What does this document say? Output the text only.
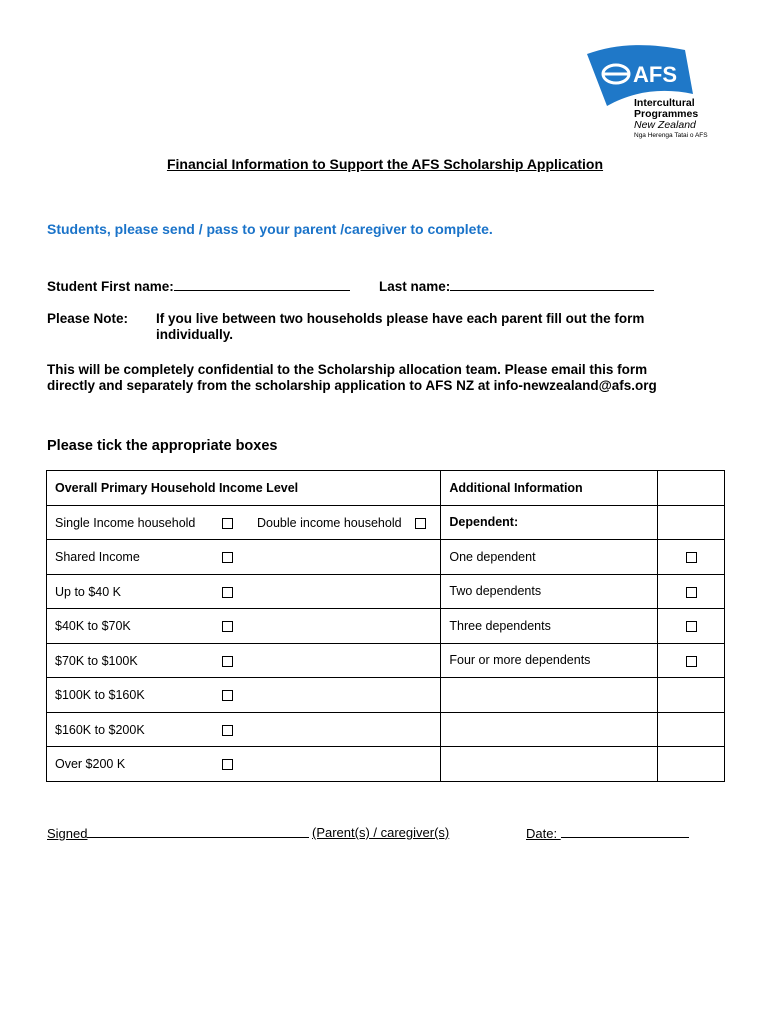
AFS
Intercultural
Programmes
New Zealand
Nga Herenga Tatai o AFS
Financial Information to Support the AFS Scholarship Application
Students, please send / pass to your parent /caregiver to complete.
Student First name:	Last name:
Please Note: If you live between two households please have each parent fill out the form
individually.
This will be completely confidential to the Scholarship allocation team. Please email this form
directly and separately from the scholarship application to AFS NZ at info-newzealand@afs.org
Please tick the appropriate boxes
Overall Primary Household Income Level	Additional Information	

Single Income household Double income household	Dependent:	

Shared Income	One dependent	

Up to $40 K	Two dependents	

$40K to $70K	Three dependents	

$70K to $100K	Four or more dependents	

$100K to $160K		

$160K to $200K		

Over $200 K		

Signed	(Parent(s) / caregiver(s)	Date:
